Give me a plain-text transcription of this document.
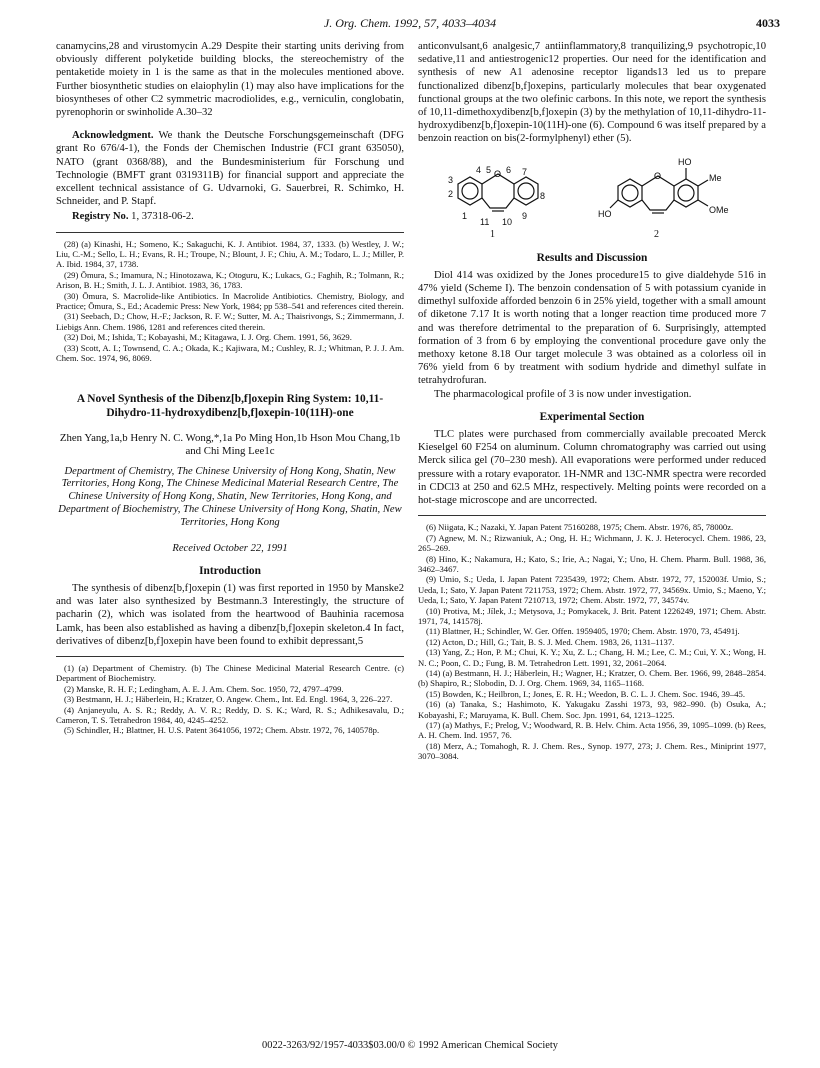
J. Org. Chem. 1992, 57, 4033–4034	4033

canamycins,28 and virustomycin A.29 Despite their starting units deriving from obviously different polyketide building blocks, the stereochemistry of the pentaketide moiety in 1 is the same as that in the molecules mentioned above. Further biosynthetic studies on elaiophylin (1) may also have implications for the biosyntheses of other C2 symmetric macrodiolides, e.g., verniculin, conglobatin, pyrenophorin or swinholide A.30–32

Acknowledgment. We thank the Deutsche Forschungsgemeinschaft (DFG grant Ro 676/4-1), the Fonds der Chemischen Industrie (FCI grant 635050), NATO (grant 0368/88), and the Bundesministerium für Forschung und Technologie (BMFT grant 0319311B) for financial support and appreciate the excellent technical assistance of G. Udvarnoki, G. Sauerbrei, R. Schimko, H. Schneider, and P. Stapf.

Registry No. 1, 37318-06-2.

(28) (a) Kinashi, H.; Someno, K.; Sakaguchi, K. J. Antibiot. 1984, 37, 1333. (b) Westley, J. W.; Liu, C.-M.; Sello, L. H.; Evans, R. H.; Troupe, N.; Blount, J. F.; Chiu, A. M.; Todaro, L. J.; Miller, P. A. Ibid. 1984, 37, 1738.

(29) Ōmura, S.; Imamura, N.; Hinotozawa, K.; Otoguru, K.; Lukacs, G.; Faghih, R.; Tolmann, R.; Arison, B. H.; Smith, J. L. J. Antibiot. 1983, 36, 1783.

(30) Ōmura, S. Macrolide-like Antibiotics. In Macrolide Antibiotics. Chemistry, Biology, and Practice; Ōmura, S., Ed.; Academic Press: New York, 1984; pp 538–541 and references cited therein.

(31) Seebach, D.; Chow, H.-F.; Jackson, R. F. W.; Sutter, M. A.; Thaisrivongs, S.; Zimmermann, J. Liebigs Ann. Chem. 1986, 1281 and references cited therein.

(32) Doi, M.; Ishida, T.; Kobayashi, M.; Kitagawa, I. J. Org. Chem. 1991, 56, 3629.

(33) Scott, A. I.; Townsend, C. A.; Okada, K.; Kajiwara, M.; Cushley, R. J.; Whitman, P. J. J. Am. Chem. Soc. 1974, 96, 8069.

A Novel Synthesis of the Dibenz[b,f]oxepin Ring System: 10,11-Dihydro-11-hydroxydibenz[b,f]oxepin-10(11H)-one
Zhen Yang,1a,b Henry N. C. Wong,*,1a Po Ming Hon,1b Hson Mou Chang,1b and Chi Ming Lee1c
Department of Chemistry, The Chinese University of Hong Kong, Shatin, New Territories, Hong Kong, The Chinese Medicinal Material Research Centre, The Chinese University of Hong Kong, Shatin, New Territories, Hong Kong, and Department of Biochemistry, The Chinese University of Hong Kong, Shatin, New Territories, Hong Kong
Received October 22, 1991
Introduction

The synthesis of dibenz[b,f]oxepin (1) was first reported in 1950 by Manske2 and was later also synthesized by Bestmann.3 Interestingly, the structure of pacharin (2), which was isolated from the heartwood of Bauhinia racemosa Lamk, has been also established as having a dibenz[b,f]oxepin skeleton.4 In fact, derivatives of dibenz[b,f]oxepin have been found to exhibit depressant,5

(1) (a) Department of Chemistry. (b) The Chinese Medicinal Material Research Centre. (c) Department of Biochemistry.

(2) Manske, R. H. F.; Ledingham, A. E. J. Am. Chem. Soc. 1950, 72, 4797–4799.

(3) Bestmann, H. J.; Häberlein, H.; Kratzer, O. Angew. Chem., Int. Ed. Engl. 1964, 3, 226–227.

(4) Anjaneyulu, A. S. R.; Reddy, A. V. R.; Reddy, D. S. K.; Ward, R. S.; Adhikesavalu, D.; Cameron, T. S. Tetrahedron 1984, 40, 4245–4252.

(5) Schindler, H.; Blattner, H. U.S. Patent 3641056, 1972; Chem. Abstr. 1972, 76, 140578p.

anticonvulsant,6 analgesic,7 antiinflammatory,8 tranquilizing,9 psychotropic,10 sedative,11 and antiestrogenic12 properties. Our need for the identification and synthesis of new A1 adenosine receptor ligands13 led us to prepare functionalized dibenz[b,f]oxepins, particularly molecules that bear oxygenated functional groups at the two olefinic carbons. In this note, we report the synthesis of 10,11-dimethoxydibenz[b,f]oxepin (3) by the methylation of 10,11-dihydro-11-hydroxydibenz[b,f]oxepin-10(11H)-one (6). Compound 6 was itself prepared by a benzoin reaction on bis(2-formylphenyl) ether (5).

O	O
3
4 5 6 7
2	8
1
11 10
9
HO
Me
OMe
HO
1	2
Results and Discussion

Diol 414 was oxidized by the Jones procedure15 to give dialdehyde 516 in 47% yield (Scheme I). The benzoin condensation of 5 with potassium cyanide in dimethyl sulfoxide afforded benzoin 6 in 25% yield, together with a small amount of diketone 7.17 It is worth noting that a longer reaction time produced more 7 and was therefore detrimental to the preparation of 6. Surprisingly, attempted formation of 3 from 6 by employing the conventional procedure gave only the methoxy ketone 8.18 Our target molecule 3 was obtained as a colorless oil in 76% yield from 6 by treatment with sodium hydride and dimethyl sulfate in tetrahydrofuran.

The pharmacological profile of 3 is now under investigation.

Experimental Section

TLC plates were purchased from commercially available precoated Merck Kieselgel 60 F254 on aluminum. Column chromatography was carried out using Merck silica gel (70–230 mesh). All evaporations were performed under reduced pressure with a rotary evaporator. 1H-NMR and 13C-NMR spectra were recorded in CDCl3 at 250 and 62.5 MHz, respectively. Melting points were recorded on a hot-stage microscope and are uncorrected.

(6) Niigata, K.; Nazaki, Y. Japan Patent 75160288, 1975; Chem. Abstr. 1976, 85, 78000z.

(7) Agnew, M. N.; Rizwaniuk, A.; Ong, H. H.; Wichmann, J. K. J. Heterocycl. Chem. 1986, 23, 265–269.

(8) Hino, K.; Nakamura, H.; Kato, S.; Irie, A.; Nagai, Y.; Uno, H. Chem. Pharm. Bull. 1988, 36, 3462–3467.

(9) Umio, S.; Ueda, I. Japan Patent 7235439, 1972; Chem. Abstr. 1972, 77, 152003f. Umio, S.; Ueda, I.; Sato, Y. Japan Patent 7211753, 1972; Chem. Abstr. 1972, 77, 34569x. Umio, S.; Maeno, Y.; Ueda, I.; Sato, Y. Japan Patent 7210713, 1972; Chem. Abstr. 1972, 77, 34574v.

(10) Protiva, M.; Jílek, J.; Metysova, J.; Pomykacek, J. Brit. Patent 1226249, 1971; Chem. Abstr. 1971, 74, 141578j.

(11) Blattner, H.; Schindler, W. Ger. Offen. 1959405, 1970; Chem. Abstr. 1970, 73, 45491j.

(12) Acton, D.; Hill, G.; Tait, B. S. J. Med. Chem. 1983, 26, 1131–1137.

(13) Yang, Z.; Hon, P. M.; Chui, K. Y.; Xu, Z. L.; Chang, H. M.; Lee, C. M.; Cui, Y. X.; Wong, H. N. C.; Poon, C. D.; Fung, B. M. Tetrahedron Lett. 1991, 32, 2061–2064.

(14) (a) Bestmann, H. J.; Häberlein, H.; Wagner, H.; Kratzer, O. Chem. Ber. 1966, 99, 2848–2854. (b) Shapiro, R.; Slobodin, D. J. Org. Chem. 1969, 34, 1165–1168.

(15) Bowden, K.; Heilbron, I.; Jones, E. R. H.; Weedon, B. C. L. J. Chem. Soc. 1946, 39–45.

(16) (a) Tanaka, S.; Hashimoto, K. Yakugaku Zasshi 1973, 93, 982–990. (b) Osuka, A.; Kobayashi, F.; Maruyama, K. Bull. Chem. Soc. Jpn. 1991, 64, 1213–1225.

(17) (a) Mathys, F.; Prelog, V.; Woodward, R. B. Helv. Chim. Acta 1956, 39, 1095–1099. (b) Rees, A. H. Chem. Ind. 1957, 76.

(18) Merz, A.; Tomahogh, R. J. Chem. Res., Synop. 1977, 273; J. Chem. Res., Miniprint 1977, 3070–3084.

0022-3263/92/1957-4033$03.00/0 © 1992 American Chemical Society
